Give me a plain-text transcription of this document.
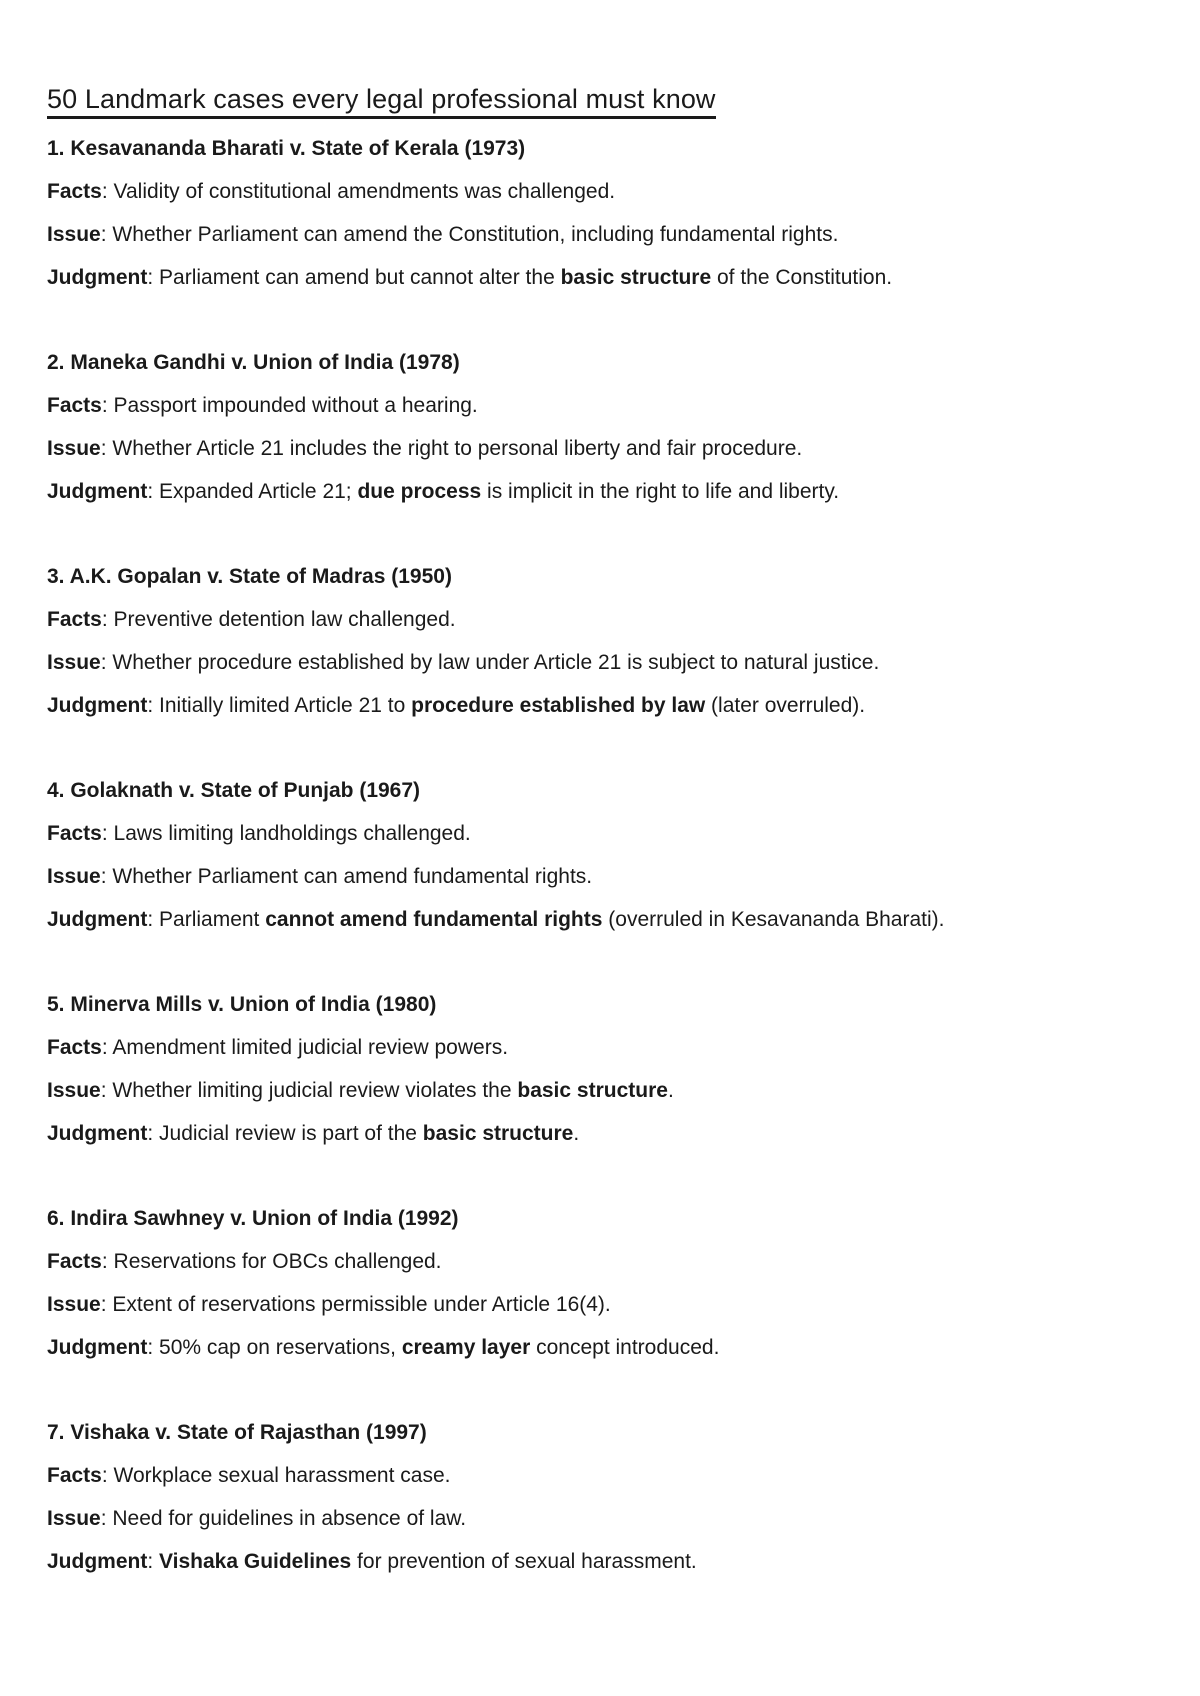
50 Landmark cases every legal professional must know
1. Kesavananda Bharati v. State of Kerala (1973)
Facts: Validity of constitutional amendments was challenged.
Issue: Whether Parliament can amend the Constitution, including fundamental rights.
Judgment: Parliament can amend but cannot alter the basic structure of the Constitution.
2. Maneka Gandhi v. Union of India (1978)
Facts: Passport impounded without a hearing.
Issue: Whether Article 21 includes the right to personal liberty and fair procedure.
Judgment: Expanded Article 21; due process is implicit in the right to life and liberty.
3. A.K. Gopalan v. State of Madras (1950)
Facts: Preventive detention law challenged.
Issue: Whether procedure established by law under Article 21 is subject to natural justice.
Judgment: Initially limited Article 21 to procedure established by law (later overruled).
4. Golaknath v. State of Punjab (1967)
Facts: Laws limiting landholdings challenged.
Issue: Whether Parliament can amend fundamental rights.
Judgment: Parliament cannot amend fundamental rights (overruled in Kesavananda Bharati).
5. Minerva Mills v. Union of India (1980)
Facts: Amendment limited judicial review powers.
Issue: Whether limiting judicial review violates the basic structure.
Judgment: Judicial review is part of the basic structure.
6. Indira Sawhney v. Union of India (1992)
Facts: Reservations for OBCs challenged.
Issue: Extent of reservations permissible under Article 16(4).
Judgment: 50% cap on reservations, creamy layer concept introduced.
7. Vishaka v. State of Rajasthan (1997)
Facts: Workplace sexual harassment case.
Issue: Need for guidelines in absence of law.
Judgment: Vishaka Guidelines for prevention of sexual harassment.
